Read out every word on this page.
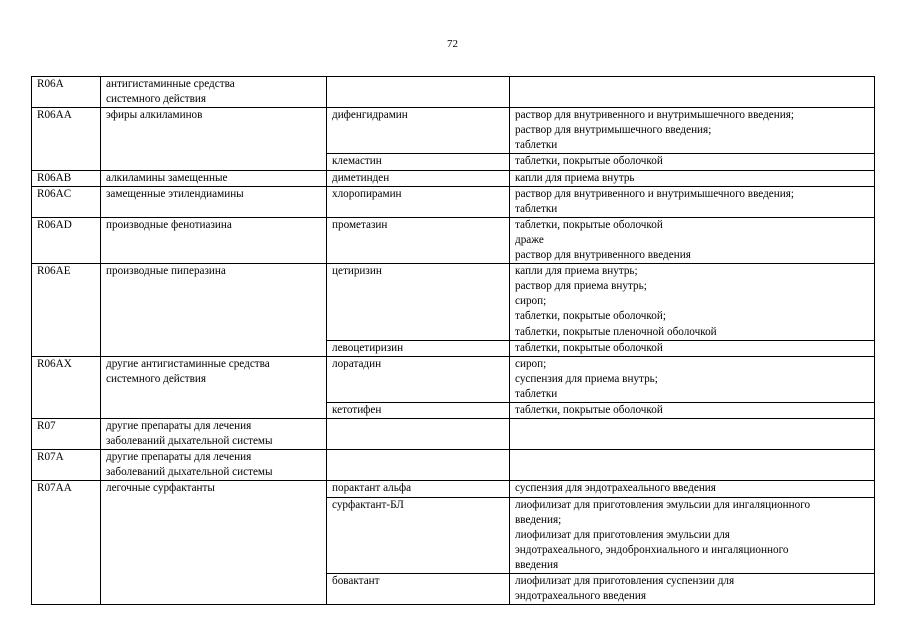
72
R06A	антигистаминные средства
системного действия		

R06AA	эфиры алкиламинов	дифенгидрамин	раствор для внутривенного и внутримышечного введения;
раствор для внутримышечного введения;
таблетки

		клемастин	таблетки, покрытые оболочкой

R06AB	алкиламины замещенные	диметинден	капли для приема внутрь

R06AC	замещенные этилендиамины	хлоропирамин	раствор для внутривенного и внутримышечного введения;
таблетки

R06AD	производные фенотиазина	прометазин	таблетки, покрытые оболочкой
драже
раствор для внутривенного введения

R06AE	производные пиперазина	цетиризин	капли для приема внутрь;
раствор для приема внутрь;
сироп;
таблетки, покрытые оболочкой;
таблетки, покрытые пленочной оболочкой

		левоцетиризин	таблетки, покрытые оболочкой

R06AX	другие антигистаминные средства
системного действия	лоратадин	сироп;
суспензия для приема внутрь;
таблетки

		кетотифен	таблетки, покрытые оболочкой

R07	другие препараты для лечения
заболеваний дыхательной системы		

R07A	другие препараты для лечения
заболеваний дыхательной системы		

R07AA	легочные сурфактанты	порактант альфа	суспензия для эндотрахеального введения

		сурфактант-БЛ	лиофилизат для приготовления эмульсии для ингаляционного
введения;
лиофилизат для приготовления эмульсии для
эндотрахеального, эндобронхиального и ингаляционного
введения

		бовактант	лиофилизат для приготовления суспензии для
эндотрахеального введения
